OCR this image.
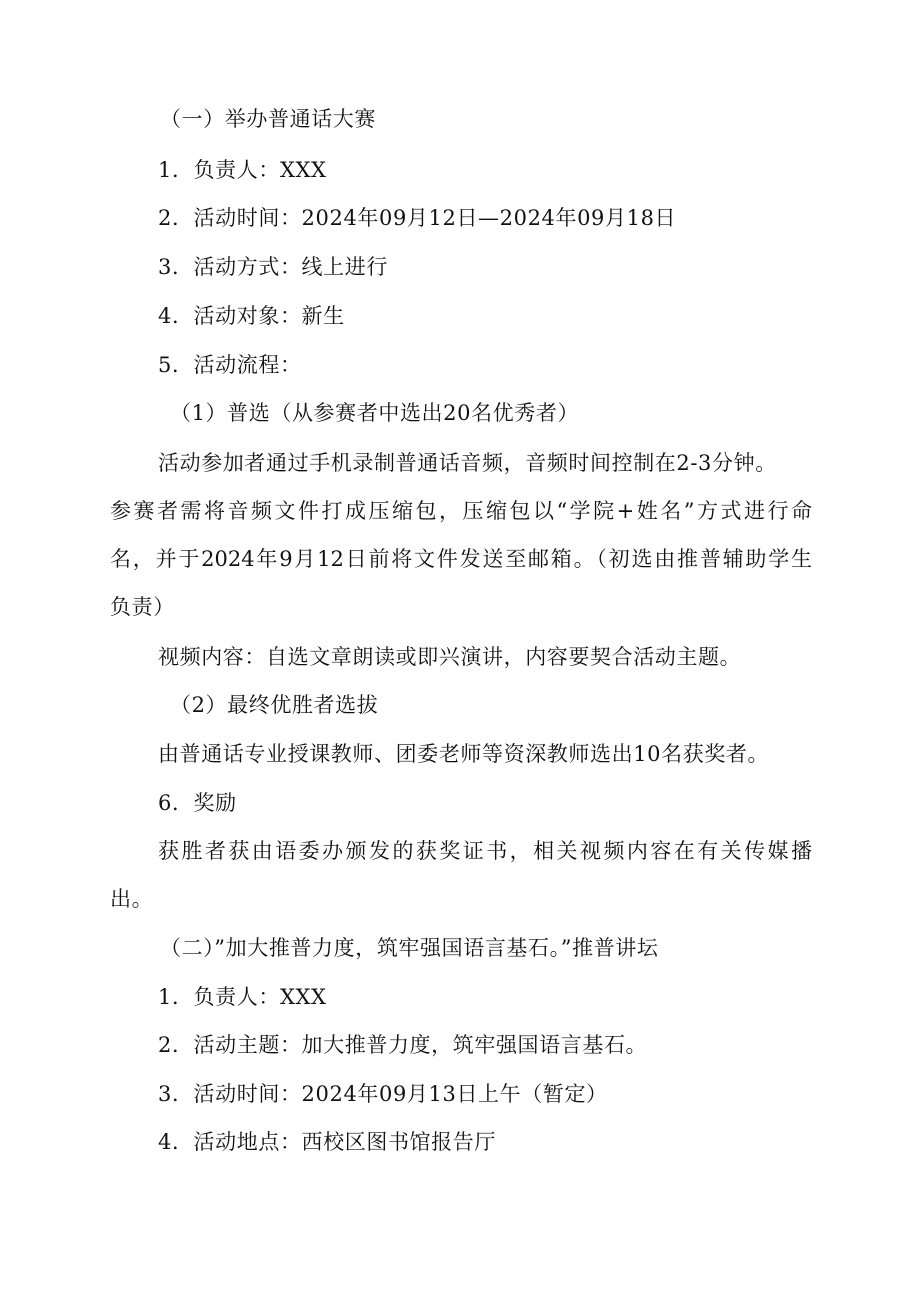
（一）举办普通话大赛
1．负责人：XXX
2．活动时间：2024年09月12日—2024年09月18日
3．活动方式：线上进行
4．活动对象：新生
5．活动流程：
（1）普选（从参赛者中选出20名优秀者）
活动参加者通过手机录制普通话音频，音频时间控制在2-3分钟。
参赛者需将音频文件打成压缩包，压缩包以“学院+姓名”方式进行命
名，并于2024年9月12日前将文件发送至邮箱。（初选由推普辅助学生
负责）
视频内容：自选文章朗读或即兴演讲，内容要契合活动主题。
（2）最终优胜者选拔
由普通话专业授课教师、团委老师等资深教师选出10名获奖者。
6．奖励
获胜者获由语委办颁发的获奖证书，相关视频内容在有关传媒播
出。
（二）”加大推普力度，筑牢强国语言基石。”推普讲坛
1．负责人：XXX
2．活动主题：加大推普力度，筑牢强国语言基石。
3．活动时间：2024年09月13日上午（暂定）
4．活动地点：西校区图书馆报告厅
